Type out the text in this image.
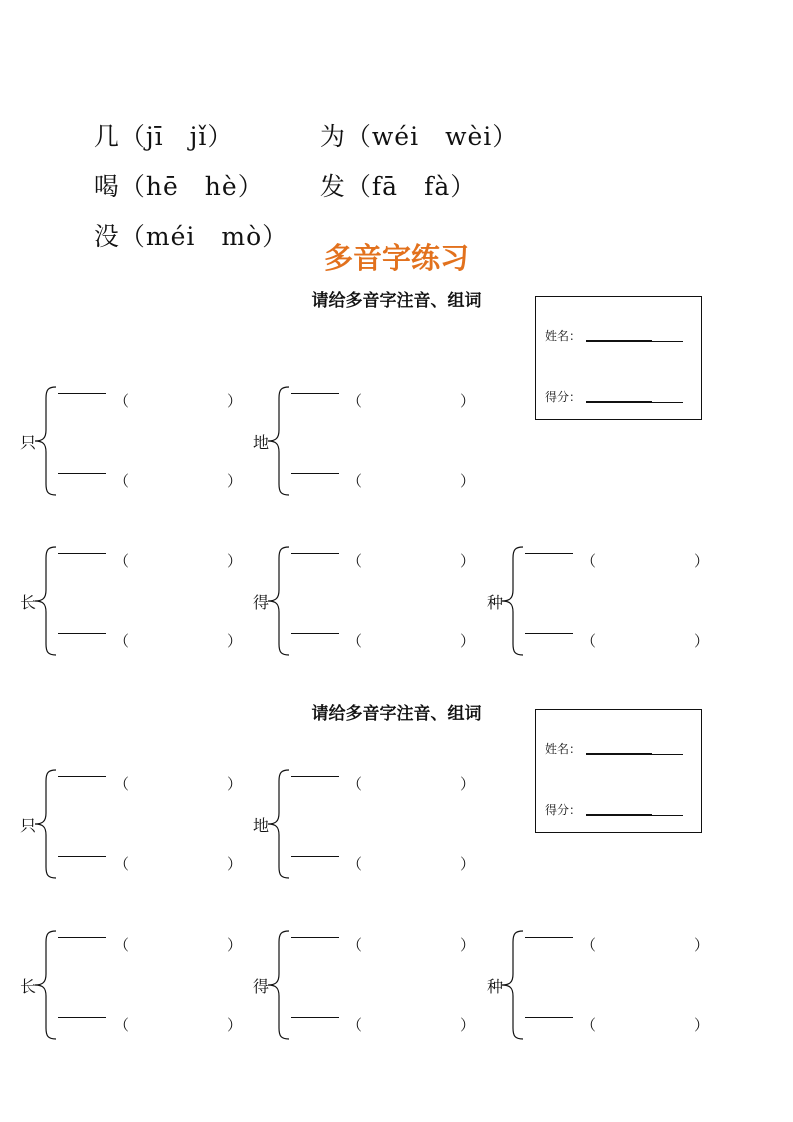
几（jī　jǐ）	为（wéi　wèi）

喝（hē　hè） 发（fā　fà）

没（méi　mò）

多音字练习
请给多音字注音、组词
姓名：
得分：
只
（	）
（	）
地
（	）
（	）
长
（	）
（	）
得
（	）
（	）
种
（	）
（	）
请给多音字注音、组词
姓名：
得分：
只
（	）
（	）
地
（	）
（	）
长
（	）
（	）
得
（	）
（	）
种
（	）
（	）
